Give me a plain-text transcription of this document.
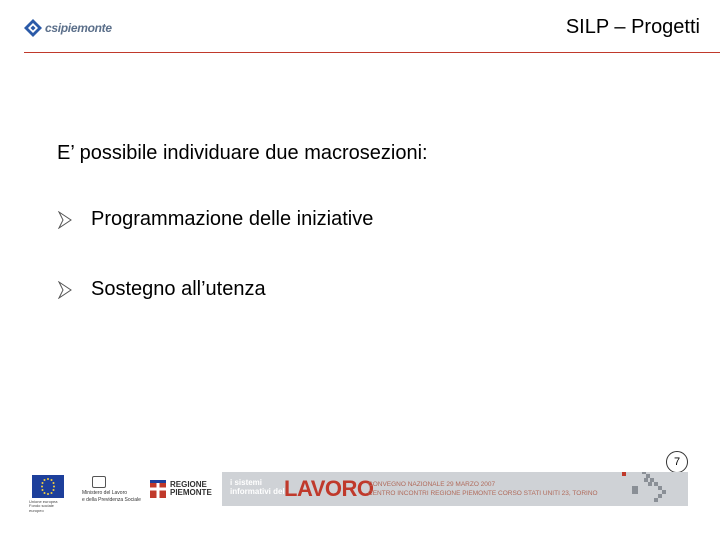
csipiemonte	SILP – Progetti
E’ possibile individuare due macrosezioni:
Programmazione delle iniziative
Sostegno all’utenza
7
Unione europea Fondo sociale europeo
Ministero del Lavoro
e della Previdenza Sociale
REGIONE
PIEMONTE
i sistemi
informativi del LAVORO
CONVEGNO NAZIONALE 29 MARZO 2007
CENTRO INCONTRI REGIONE PIEMONTE CORSO STATI UNITI 23, TORINO
